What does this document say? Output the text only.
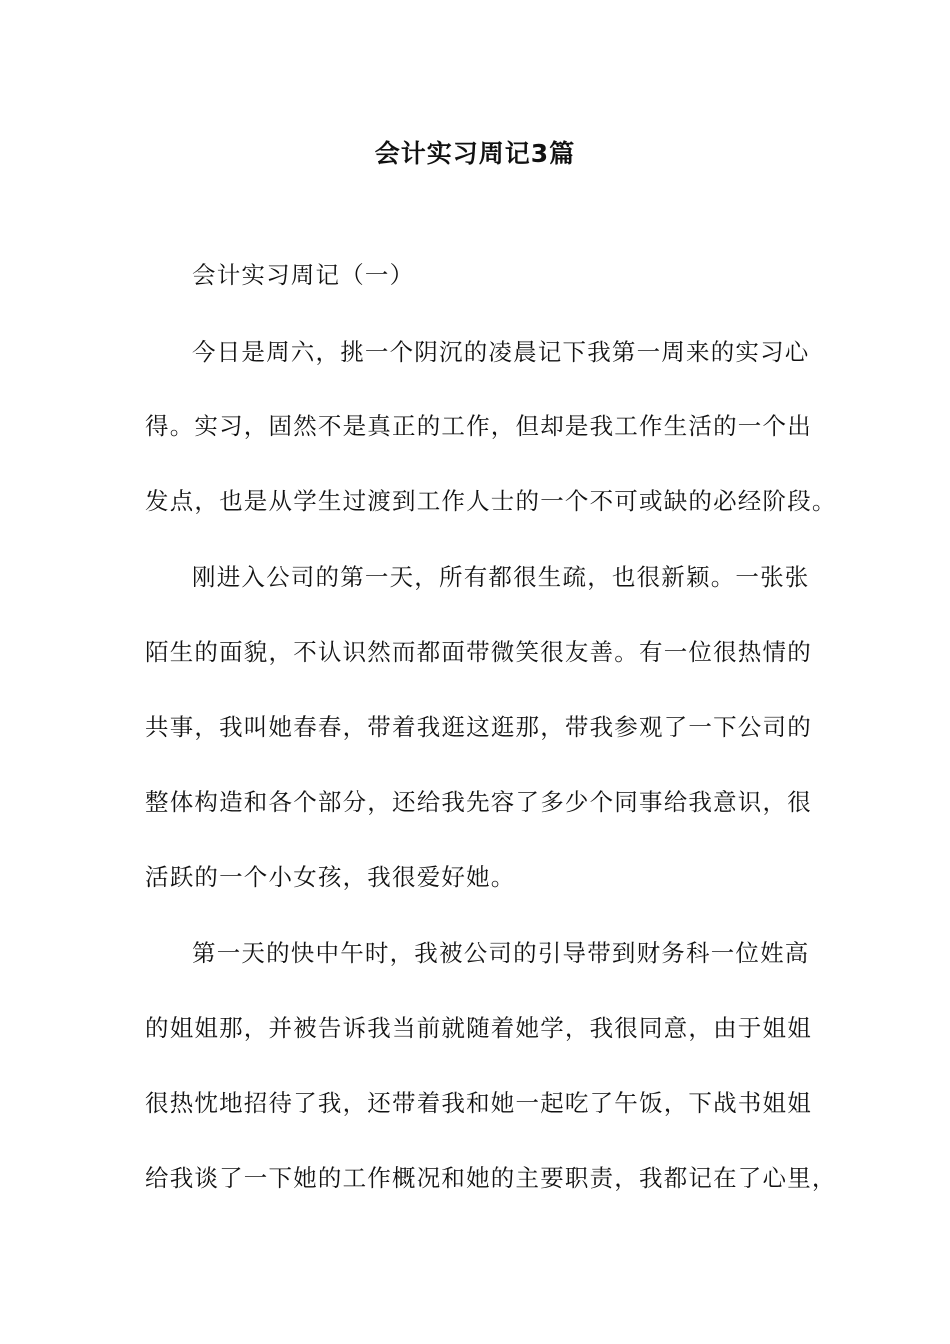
会计实习周记3篇
会计实习周记（一）
今日是周六，挑一个阴沉的凌晨记下我第一周来的实习心
得。实习，固然不是真正的工作，但却是我工作生活的一个出
发点，也是从学生过渡到工作人士的一个不可或缺的必经阶段。
刚进入公司的第一天，所有都很生疏，也很新颖。一张张
陌生的面貌，不认识然而都面带微笑很友善。有一位很热情的
共事，我叫她春春，带着我逛这逛那，带我参观了一下公司的
整体构造和各个部分，还给我先容了多少个同事给我意识，很
活跃的一个小女孩，我很爱好她。
第一天的快中午时，我被公司的引导带到财务科一位姓高
的姐姐那，并被告诉我当前就随着她学，我很同意，由于姐姐
很热忱地招待了我，还带着我和她一起吃了午饭，下战书姐姐
给我谈了一下她的工作概况和她的主要职责，我都记在了心里，
